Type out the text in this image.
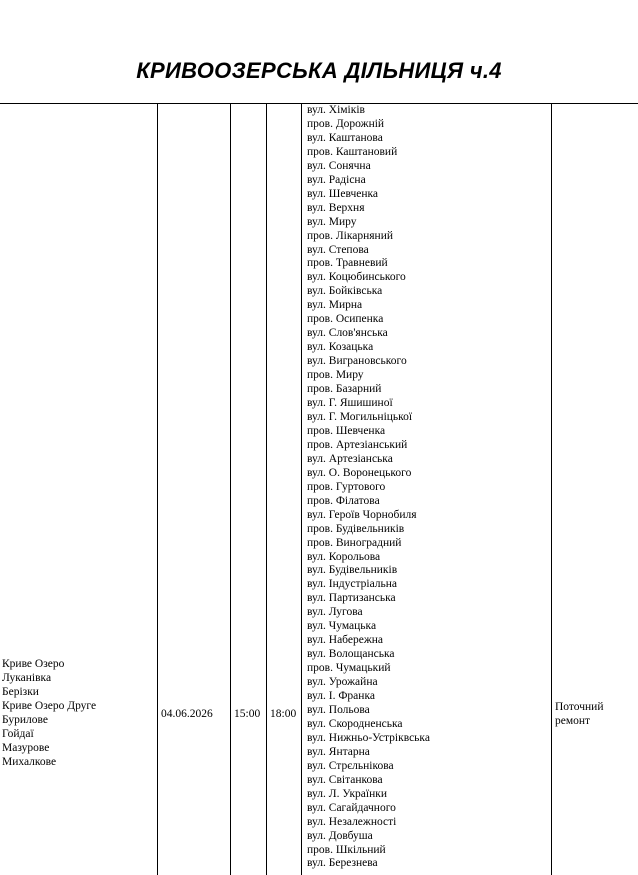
КРИВООЗЕРСЬКА ДІЛЬНИЦЯ ч.4
Криве Озеро
Луканівка
Берізки
Криве Озеро Друге
Бурилове
Гойдаї
Мазурове
Михалкове
04.06.2026 15:00 18:00
вул. Хіміків
пров. Дорожній
вул. Каштанова
пров. Каштановий
вул. Сонячна
вул. Радісна
вул. Шевченка
вул. Верхня
вул. Миру
пров. Лікарняний
вул. Степова
пров. Травневий
вул. Коцюбинського
вул. Бойківська
вул. Мирна
пров. Осипенка
вул. Слов'янська
вул. Козацька
вул. Виграновського
пров. Миру
пров. Базарний
вул. Г. Яшишиної
вул. Г. Могильніцької
пров. Шевченка
пров. Артезіанський
вул. Артезіанська
вул. О. Воронецького
пров. Гуртового
пров. Філатова
вул. Героїв Чорнобиля
пров. Будівельників
пров. Виноградний
вул. Корольова
вул. Будівельників
вул. Індустріальна
вул. Партизанська
вул. Лугова
вул. Чумацька
вул. Набережна
вул. Волощанська
пров. Чумацький
вул. Урожайна
вул. І. Франка
вул. Польова
вул. Скородненська
вул. Нижньо-Устріквська
вул. Янтарна
вул. Стрєльнікова
вул. Світанкова
вул. Л. Українки
вул. Сагайдачного
вул. Незалежності
вул. Довбуша
пров. Шкільний
вул. Березнева
Поточний
ремонт
